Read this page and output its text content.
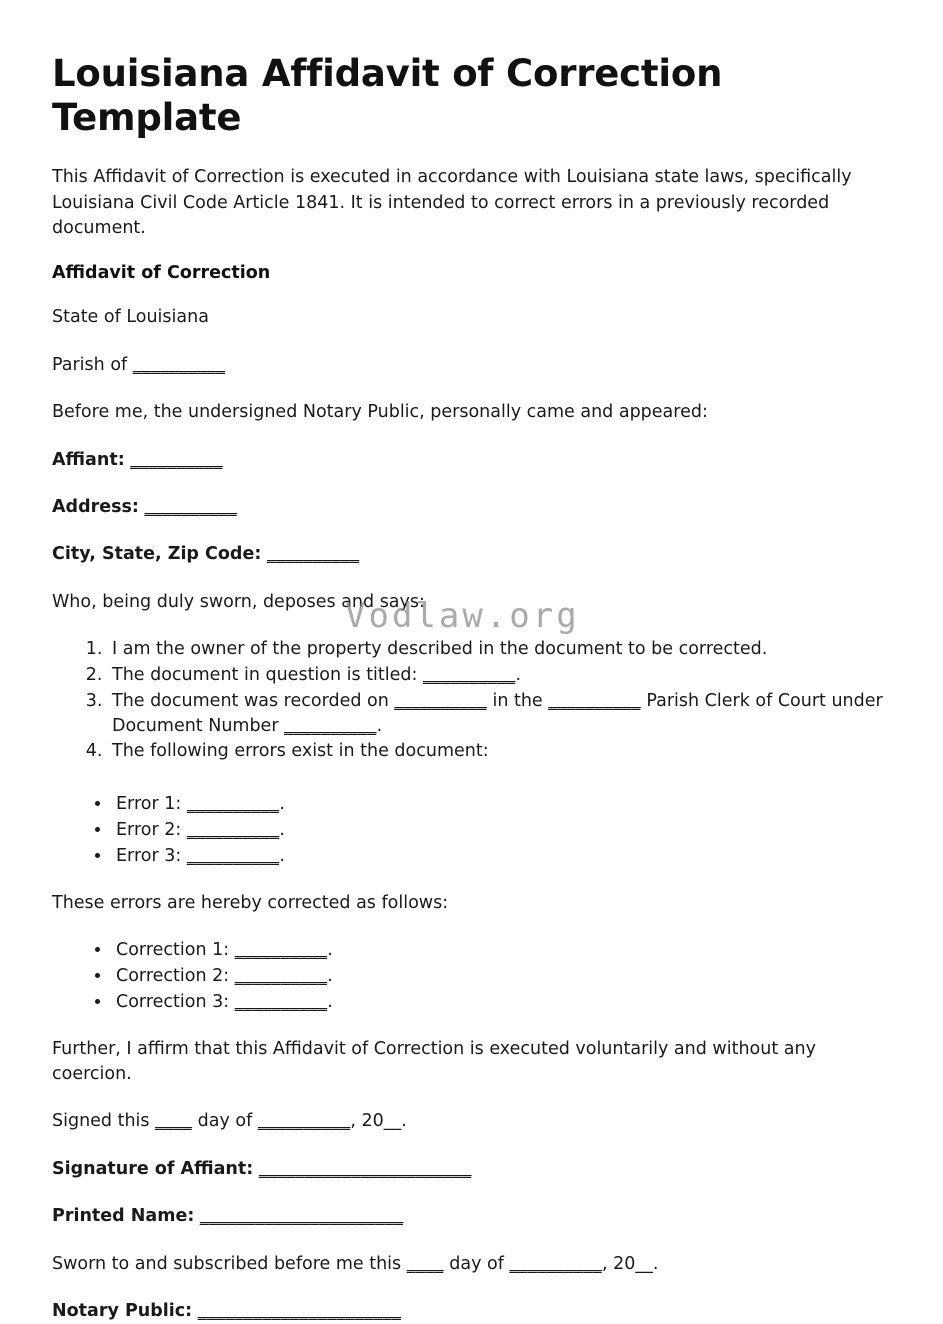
Vodlaw.org
Louisiana Affidavit of Correction Template

This Affidavit of Correction is executed in accordance with Louisiana state laws, specifically Louisiana Civil Code Article 1841. It is intended to correct errors in a previously recorded document.

Affidavit of Correction

State of Louisiana

Parish of __________

Before me, the undersigned Notary Public, personally came and appeared:

Affiant: __________

Address: __________

City, State, Zip Code: __________

Who, being duly sworn, deposes and says:

1. I am the owner of the property described in the document to be corrected.
2. The document in question is titled: __________.
3. The document was recorded on __________ in the __________ Parish Clerk of Court under Document Number __________.
4. The following errors exist in the document:
• Error 1: __________.
• Error 2: __________.
• Error 3: __________.

These errors are hereby corrected as follows:

• Correction 1: __________.
• Correction 2: __________.
• Correction 3: __________.

Further, I affirm that this Affidavit of Correction is executed voluntarily and without any coercion.

Signed this ____ day of __________, 20__.

Signature of Affiant: _______________________

Printed Name: ______________________

Sworn to and subscribed before me this ____ day of __________, 20__.

Notary Public: ______________________
